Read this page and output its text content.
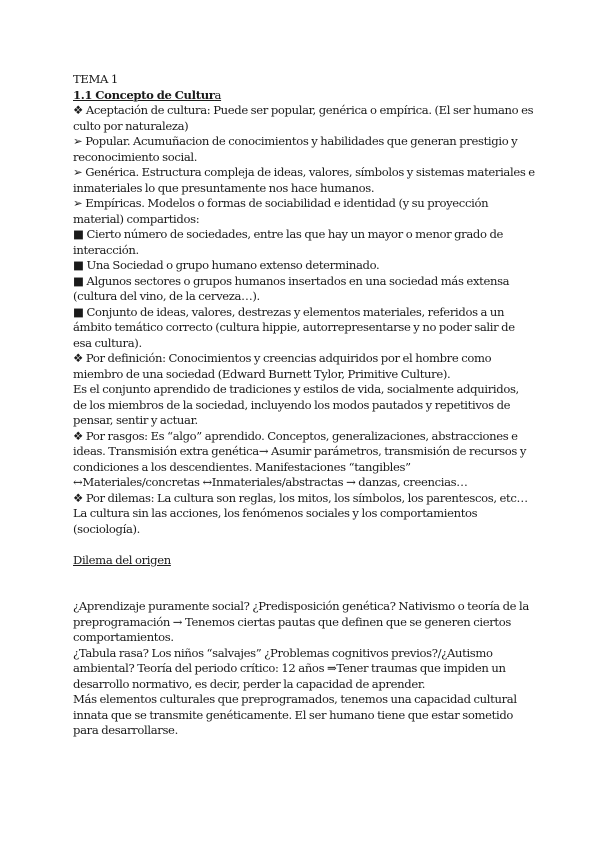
TEMA 1

1.1 Concepto de Cultura

❖ Aceptación de cultura: Puede ser popular, genérica o empírica. (El ser humano es culto por naturaleza)

➢ Popular. Acumuñacion de conocimientos y habilidades que generan prestigio y reconocimiento social.

➢ Genérica. Estructura compleja de ideas, valores, símbolos y sistemas materiales e inmateriales lo que presuntamente nos hace humanos.

➢ Empíricas. Modelos o formas de sociabilidad e identidad (y su proyección material) compartidos:

■ Cierto número de sociedades, entre las que hay un mayor o menor grado de interacción.

■ Una Sociedad o grupo humano extenso determinado.

■ Algunos sectores o grupos humanos insertados en una sociedad más extensa (cultura del vino, de la cerveza…).

■ Conjunto de ideas, valores, destrezas y elementos materiales, referidos a un ámbito temático correcto (cultura hippie, autorrepresentarse y no poder salir de esa cultura).

❖ Por definición: Conocimientos y creencias adquiridos por el hombre como miembro de una sociedad (Edward Burnett Tylor, Primitive Culture).

Es el conjunto aprendido de tradiciones y estilos de vida, socialmente adquiridos, de los miembros de la sociedad, incluyendo los modos pautados y repetitivos de pensar, sentir y actuar.

❖ Por rasgos: Es “algo” aprendido. Conceptos, generalizaciones, abstracciones e ideas. Transmisión extra genética→ Asumir parámetros, transmisión de recursos y condiciones a los descendientes. Manifestaciones “tangibles” ↔Materiales/concretas ↔Inmateriales/abstractas → danzas, creencias…

❖ Por dilemas: La cultura son reglas, los mitos, los símbolos, los parentescos, etc… La cultura sin las acciones, los fenómenos sociales y los comportamientos (sociología).

Dilema del origen

¿Aprendizaje puramente social? ¿Predisposición genética? Nativismo o teoría de la preprogramación → Tenemos ciertas pautas que definen que se generen ciertos comportamientos.

¿Tabula rasa? Los niños “salvajes” ¿Problemas cognitivos previos?/¿Autismo ambiental? Teoría del periodo crítico: 12 años ⇒Tener traumas que impiden un desarrollo normativo, es decir, perder la capacidad de aprender.

Más elementos culturales que preprogramados, tenemos una capacidad cultural innata que se transmite genéticamente. El ser humano tiene que estar sometido para desarrollarse.
